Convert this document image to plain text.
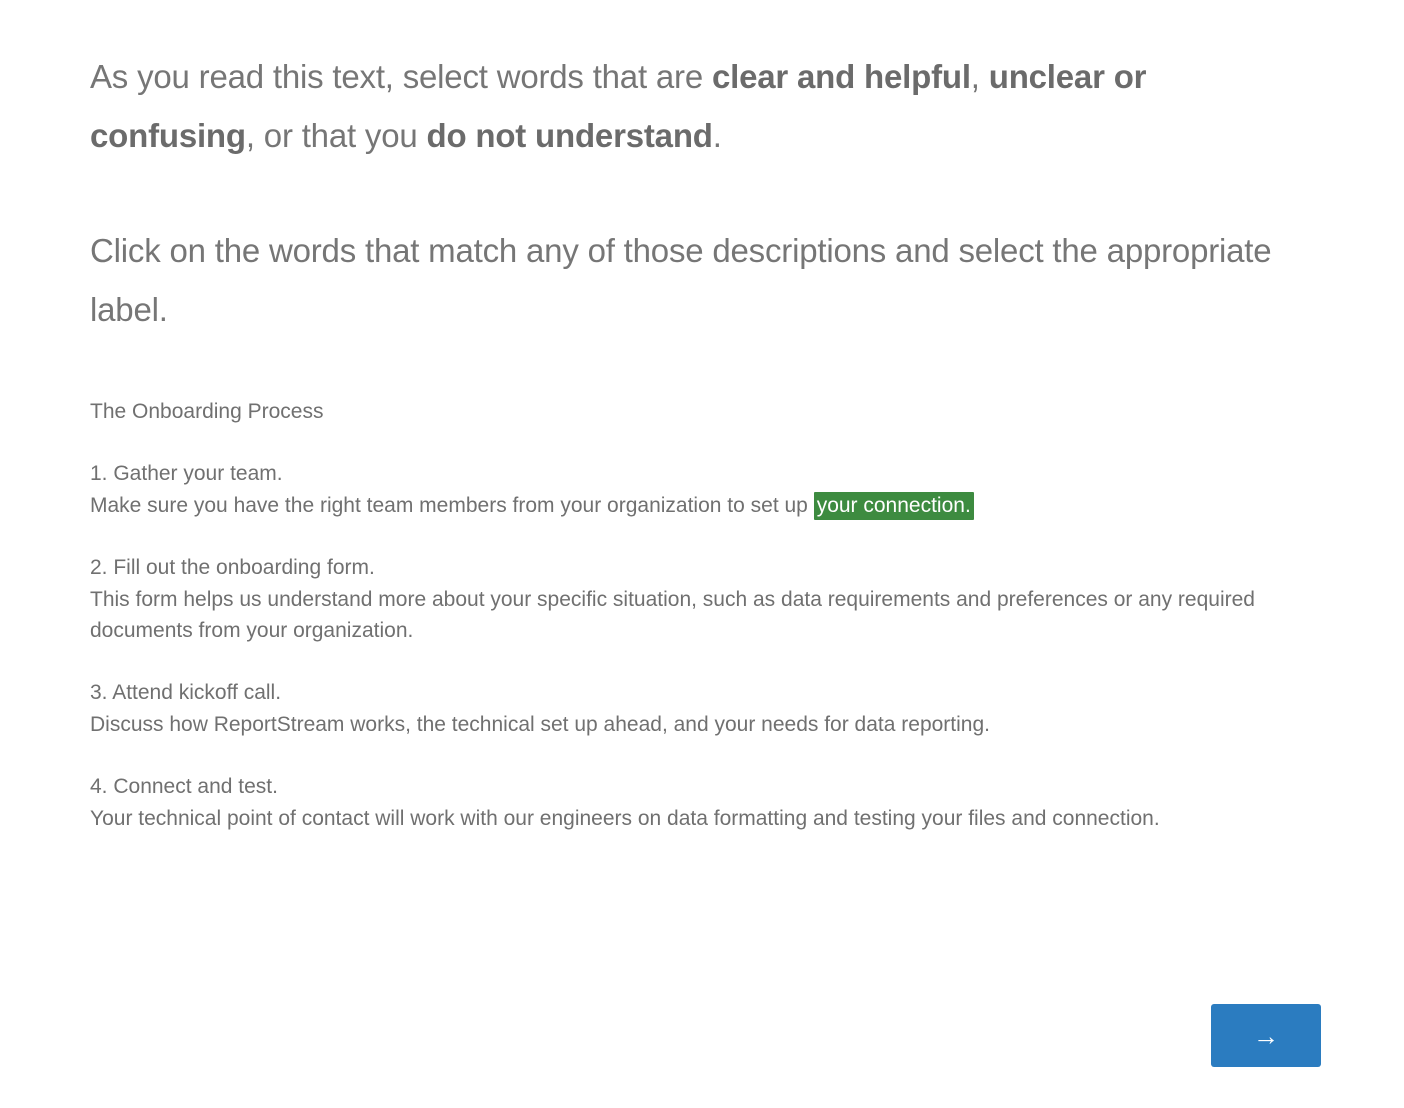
As you read this text, select words that are clear and helpful, unclear or confusing, or that you do not understand.
Click on the words that match any of those descriptions and select the appropriate label.
The Onboarding Process
1. Gather your team.
Make sure you have the right team members from your organization to set up your connection.
2. Fill out the onboarding form.
This form helps us understand more about your specific situation, such as data requirements and preferences or any required documents from your organization.
3. Attend kickoff call.
Discuss how ReportStream works, the technical set up ahead, and your needs for data reporting.
4. Connect and test.
Your technical point of contact will work with our engineers on data formatting and testing your files and connection.
→
